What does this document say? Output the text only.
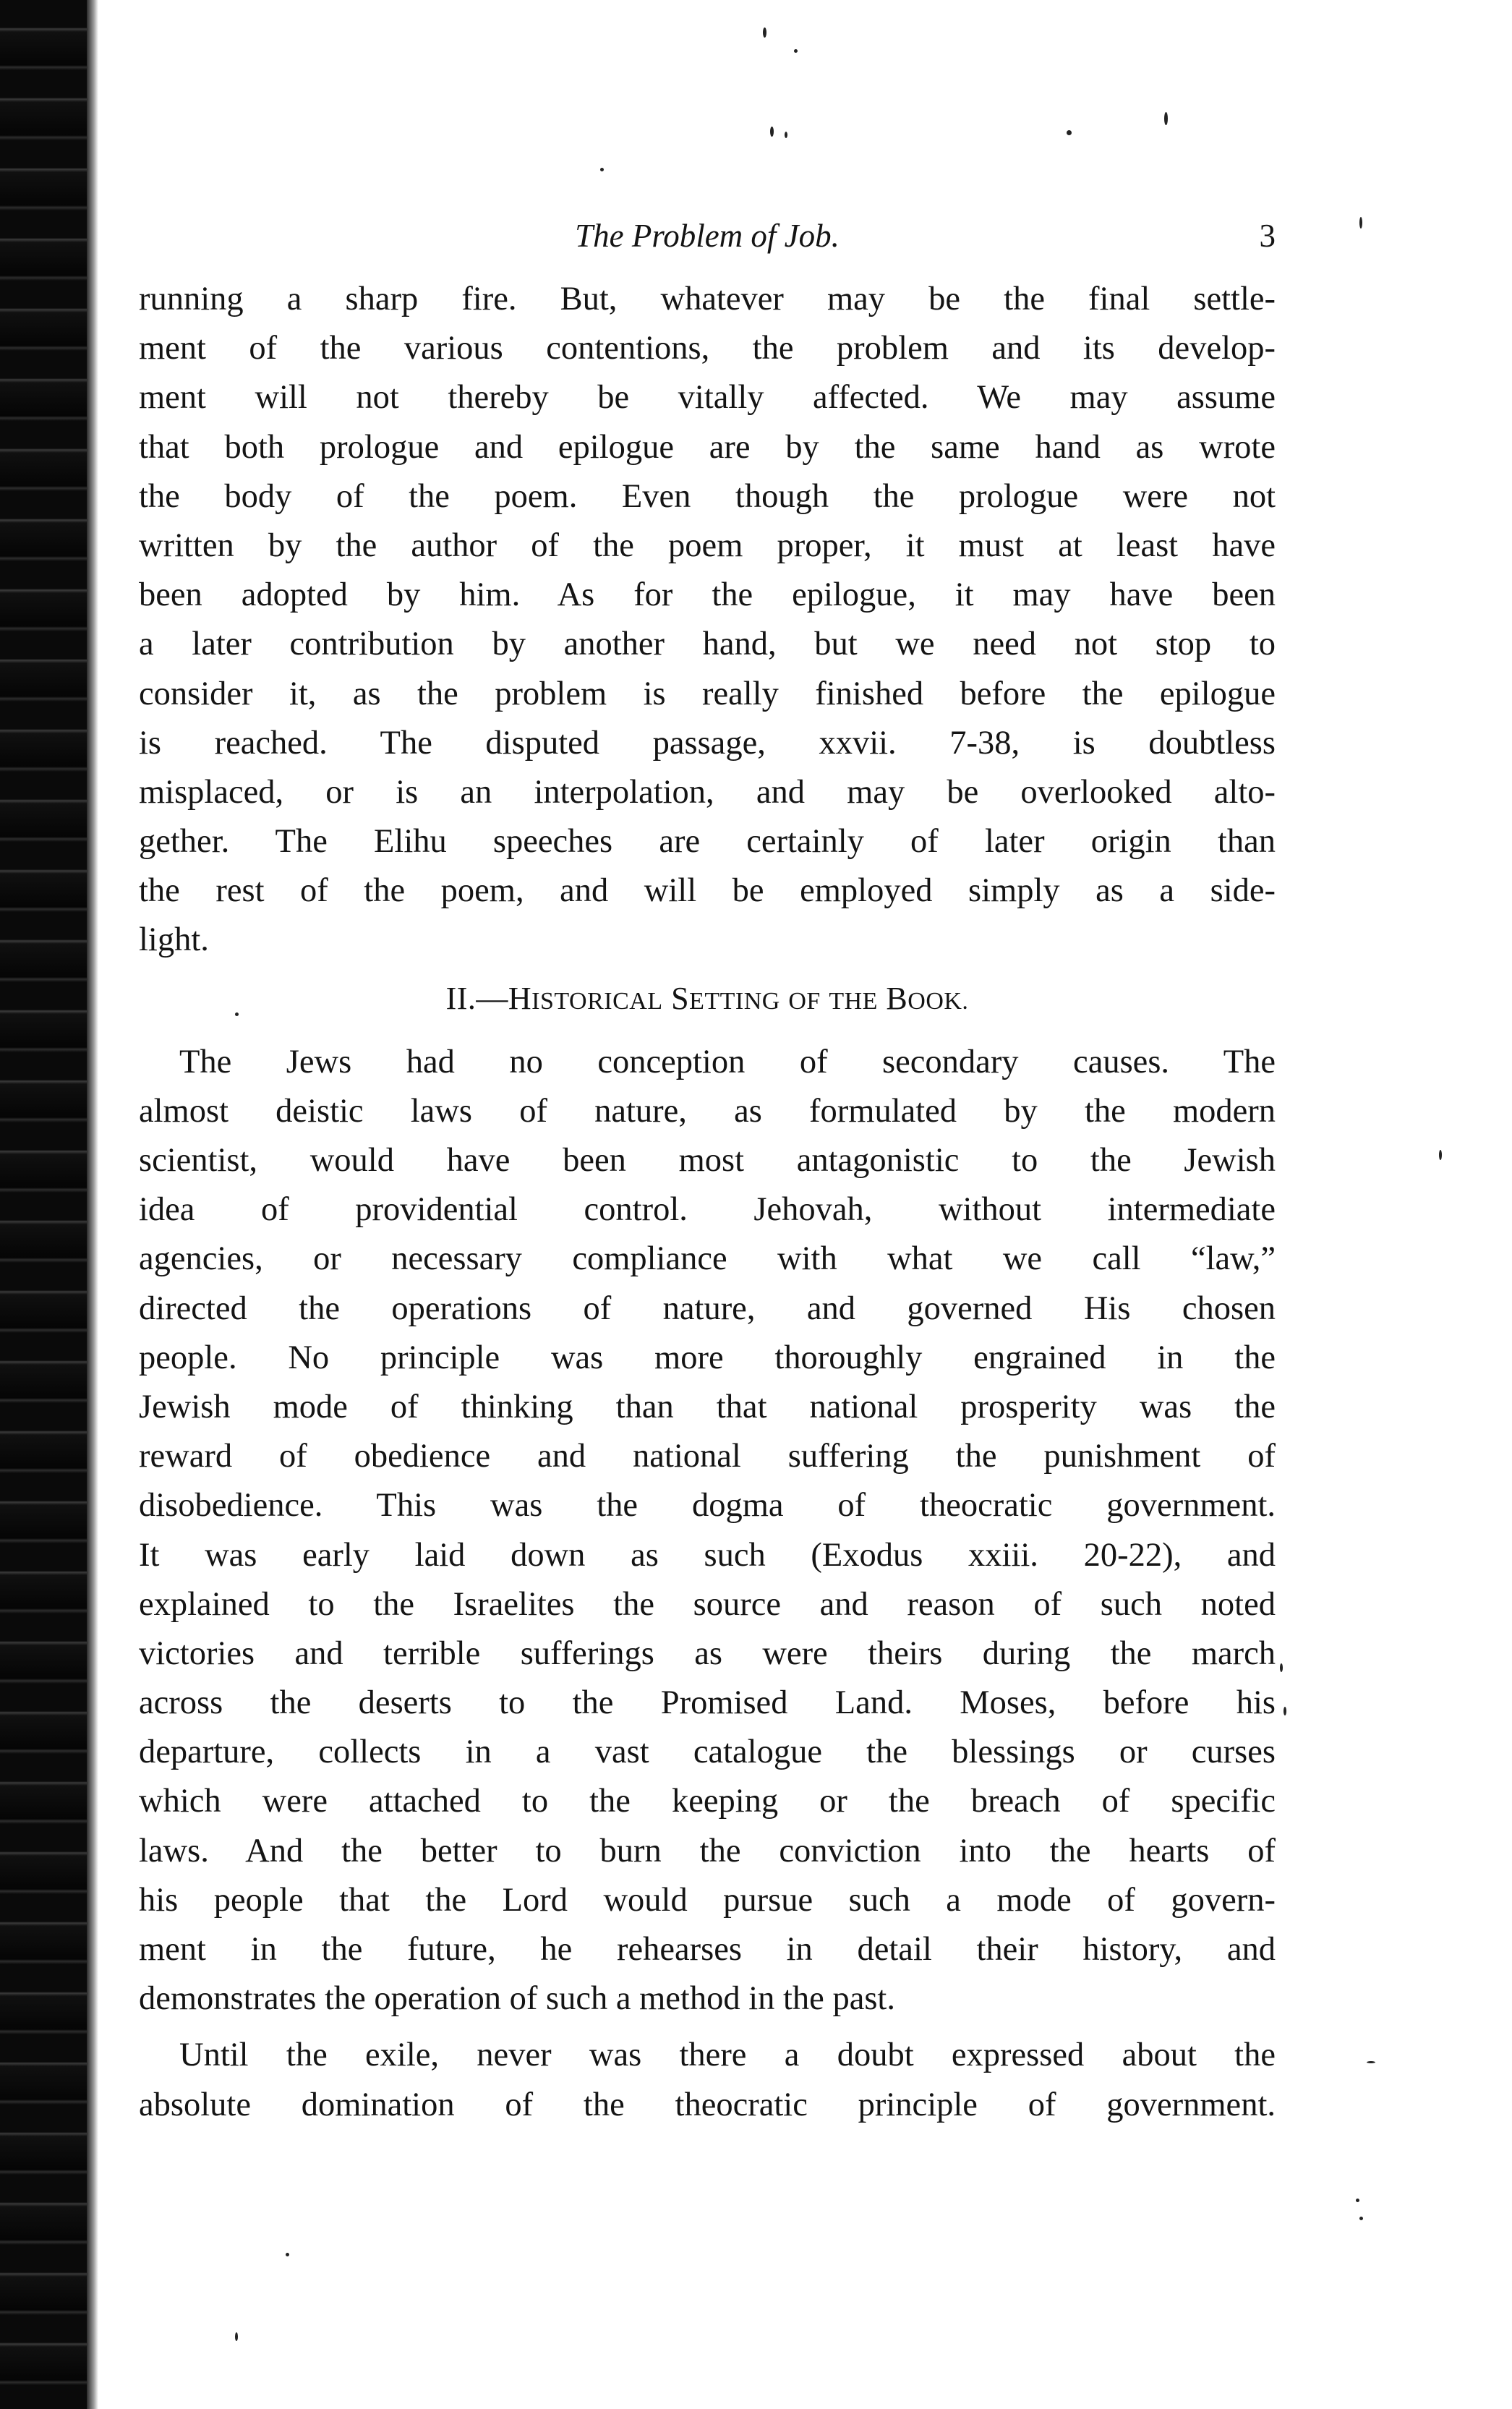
The Problem of Job.	3
running a sharp fire. But, whatever may be the final settle-
ment of the various contentions, the problem and its develop-
ment will not thereby be vitally affected. We may assume
that both prologue and epilogue are by the same hand as wrote
the body of the poem. Even though the prologue were not
written by the author of the poem proper, it must at least have
been adopted by him. As for the epilogue, it may have been
a later contribution by another hand, but we need not stop to
consider it, as the problem is really finished before the epilogue
is reached. The disputed passage, xxvii. 7-38, is doubtless
misplaced, or is an interpolation, and may be overlooked alto-
gether. The Elihu speeches are certainly of later origin than
the rest of the poem, and will be employed simply as a side-
light.
II.—HISTORICAL SETTING OF THE BOOK.
The Jews had no conception of secondary causes. The
almost deistic laws of nature, as formulated by the modern
scientist, would have been most antagonistic to the Jewish
idea of providential control. Jehovah, without intermediate
agencies, or necessary compliance with what we call “law,”
directed the operations of nature, and governed His chosen
people. No principle was more thoroughly engrained in the
Jewish mode of thinking than that national prosperity was the
reward of obedience and national suffering the punishment of
disobedience. This was the dogma of theocratic government.
It was early laid down as such (Exodus xxiii. 20-22), and
explained to the Israelites the source and reason of such noted
victories and terrible sufferings as were theirs during the march
across the deserts to the Promised Land. Moses, before his
departure, collects in a vast catalogue the blessings or curses
which were attached to the keeping or the breach of specific
laws. And the better to burn the conviction into the hearts of
his people that the Lord would pursue such a mode of govern-
ment in the future, he rehearses in detail their history, and
demonstrates the operation of such a method in the past.
Until the exile, never was there a doubt expressed about the
absolute domination of the theocratic principle of government.
